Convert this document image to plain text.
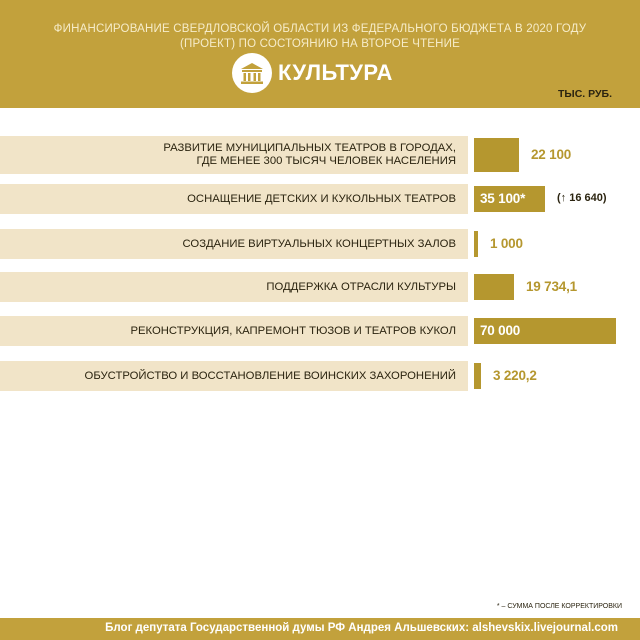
ФИНАНСИРОВАНИЕ СВЕРДЛОВСКОЙ ОБЛАСТИ ИЗ ФЕДЕРАЛЬНОГО БЮДЖЕТА В 2020 ГОДУ
(ПРОЕКТ) ПО СОСТОЯНИЮ НА ВТОРОЕ ЧТЕНИЕ
КУЛЬТУРА
ТЫС. РУБ.
РАЗВИТИЕ МУНИЦИПАЛЬНЫХ ТЕАТРОВ В ГОРОДАХ,
ГДЕ МЕНЕЕ 300 ТЫСЯЧ ЧЕЛОВЕК НАСЕЛЕНИЯ	22 100
ОСНАЩЕНИЕ ДЕТСКИХ И КУКОЛЬНЫХ ТЕАТРОВ 35 100*	(↑ 16 640)
СОЗДАНИЕ ВИРТУАЛЬНЫХ КОНЦЕРТНЫХ ЗАЛОВ	1 000
ПОДДЕРЖКА ОТРАСЛИ КУЛЬТУРЫ	19 734,1
РЕКОНСТРУКЦИЯ, КАПРЕМОНТ ТЮЗОВ И ТЕАТРОВ КУКОЛ 70 000
ОБУСТРОЙСТВО И ВОССТАНОВЛЕНИЕ ВОИНСКИХ ЗАХОРОНЕНИЙ	3 220,2
* – СУММА ПОСЛЕ КОРРЕКТИРОВКИ
Блог депутата Государственной думы РФ Андрея Альшевских: alshevskix.livejournal.com
